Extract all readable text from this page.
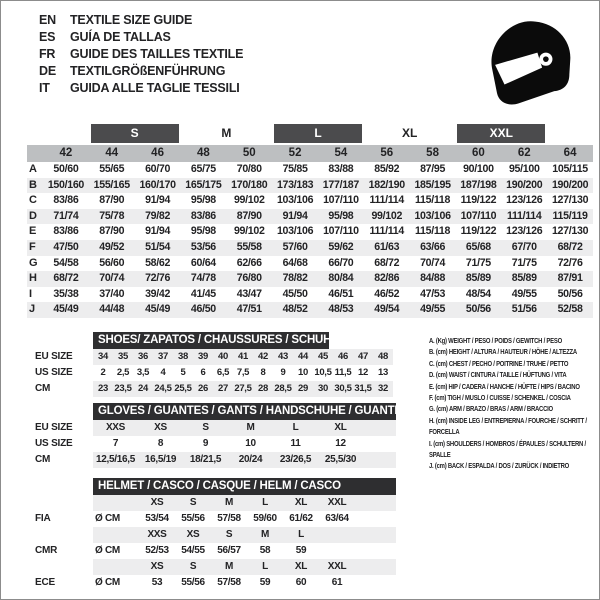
EN	TEXTILE SIZE GUIDE
ES	GUÍA DE TALLAS
FR	GUIDE DES TAILLES TEXTILE
DE	TEXTILGRÖßENFÜHRUNG
IT	GUIDA ALLE TAGLIE TESSILI
S	M	L	XL	XXL
42	44	46	48	50	52	54	56	58	60	62	64
A	50/60	55/65	60/70	65/75	70/80	75/85	83/88	85/92	87/95	90/100	95/100	105/115
B	150/160 155/165 160/170 165/175 170/180 173/183 177/187 182/190 185/195 187/198 190/200 190/200
C	83/86	87/90	91/94	95/98	99/102	103/106 107/110	111/114	115/118 119/122 123/126 127/130
D	71/74	75/78	79/82	83/86	87/90	91/94	95/98	99/102	103/106 107/110	111/114	115/119
E	83/86	87/90	91/94	95/98	99/102	103/106 107/110	111/114	115/118 119/122 123/126 127/130
F	47/50	49/52	51/54	53/56	55/58	57/60	59/62	61/63	63/66	65/68	67/70	68/72
G	54/58	56/60	58/62	60/64	62/66	64/68	66/70	68/72	70/74	71/75	71/75	72/76
H	68/72	70/74	72/76	74/78	76/80	78/82	80/84	82/86	84/88	85/89	85/89	87/91
I	35/38	37/40	39/42	41/45	43/47	45/50	46/51	46/52	47/53	48/54	49/55	50/56
J	45/49	44/48	45/49	46/50	47/51	48/52	48/53	49/54	49/55	50/56	51/56	52/58
SHOES/ ZAPATOS / CHAUSSURES / SCHUHE / SCARPE
EU SIZE	34	35	36	37	38	39	40	41	42	43	44	45	46	47	48
US SIZE	2	2,5 3,5	4	5	6	6,5 7,5	8	9	10 10,5 11,5 12	13
CM	23 23,5 24 24,5 25,5 26	27 27,5 28 28,5 29	30 30,5 31,5 32
GLOVES / GUANTES / GANTS / HANDSCHUHE / GUANTI
EU SIZE	XXS	XS	S	M	L	XL
US SIZE	7	8	9	10	11	12
CM	12,5/16,5 16,5/19	18/21,5	20/24	23/26,5	25,5/30
HELMET / CASCO / CASQUE / HELM / CASCO
XS	S	M	L	XL	XXL
FIA	Ø CM	53/54	55/56	57/58	59/60	61/62	63/64
XXS	XS	S	M	L
CMR	Ø CM	52/53	54/55	56/57	58	59
XS	S	M	L	XL	XXL
ECE	Ø CM	53	55/56	57/58	59	60	61
A. (Kg) WEIGHT / PESO / POIDS / GEWITCH / PESO
B. (cm) HEIGHT / ALTURA / HAUTEUR / HÖHE / ALTEZZA
C. (cm) CHEST / PECHO / POITRINE / TRUHE / PETTO
D. (cm) WAIST / CINTURA / TAILLE / HÜFTUNG / VITA
E. (cm) HIP / CADERA / HANCHE / HÜFTE / HIPS / BACINO
F. (cm) TIGH / MUSLO / CUISSE / SCHENKEL / COSCIA
G. (cm) ARM / BRAZO / BRAS / ARM / BRACCIO
H. (cm) INSIDE LEG / ENTREPIERNA / FOURCHE / SCHRITT / FORCELLA
I. (cm) SHOULDERS / HOMBROS / ÉPAULES / SCHULTERN / SPALLE
J. (cm) BACK / ESPALDA / DOS / ZURÜCK / INDIETRO
